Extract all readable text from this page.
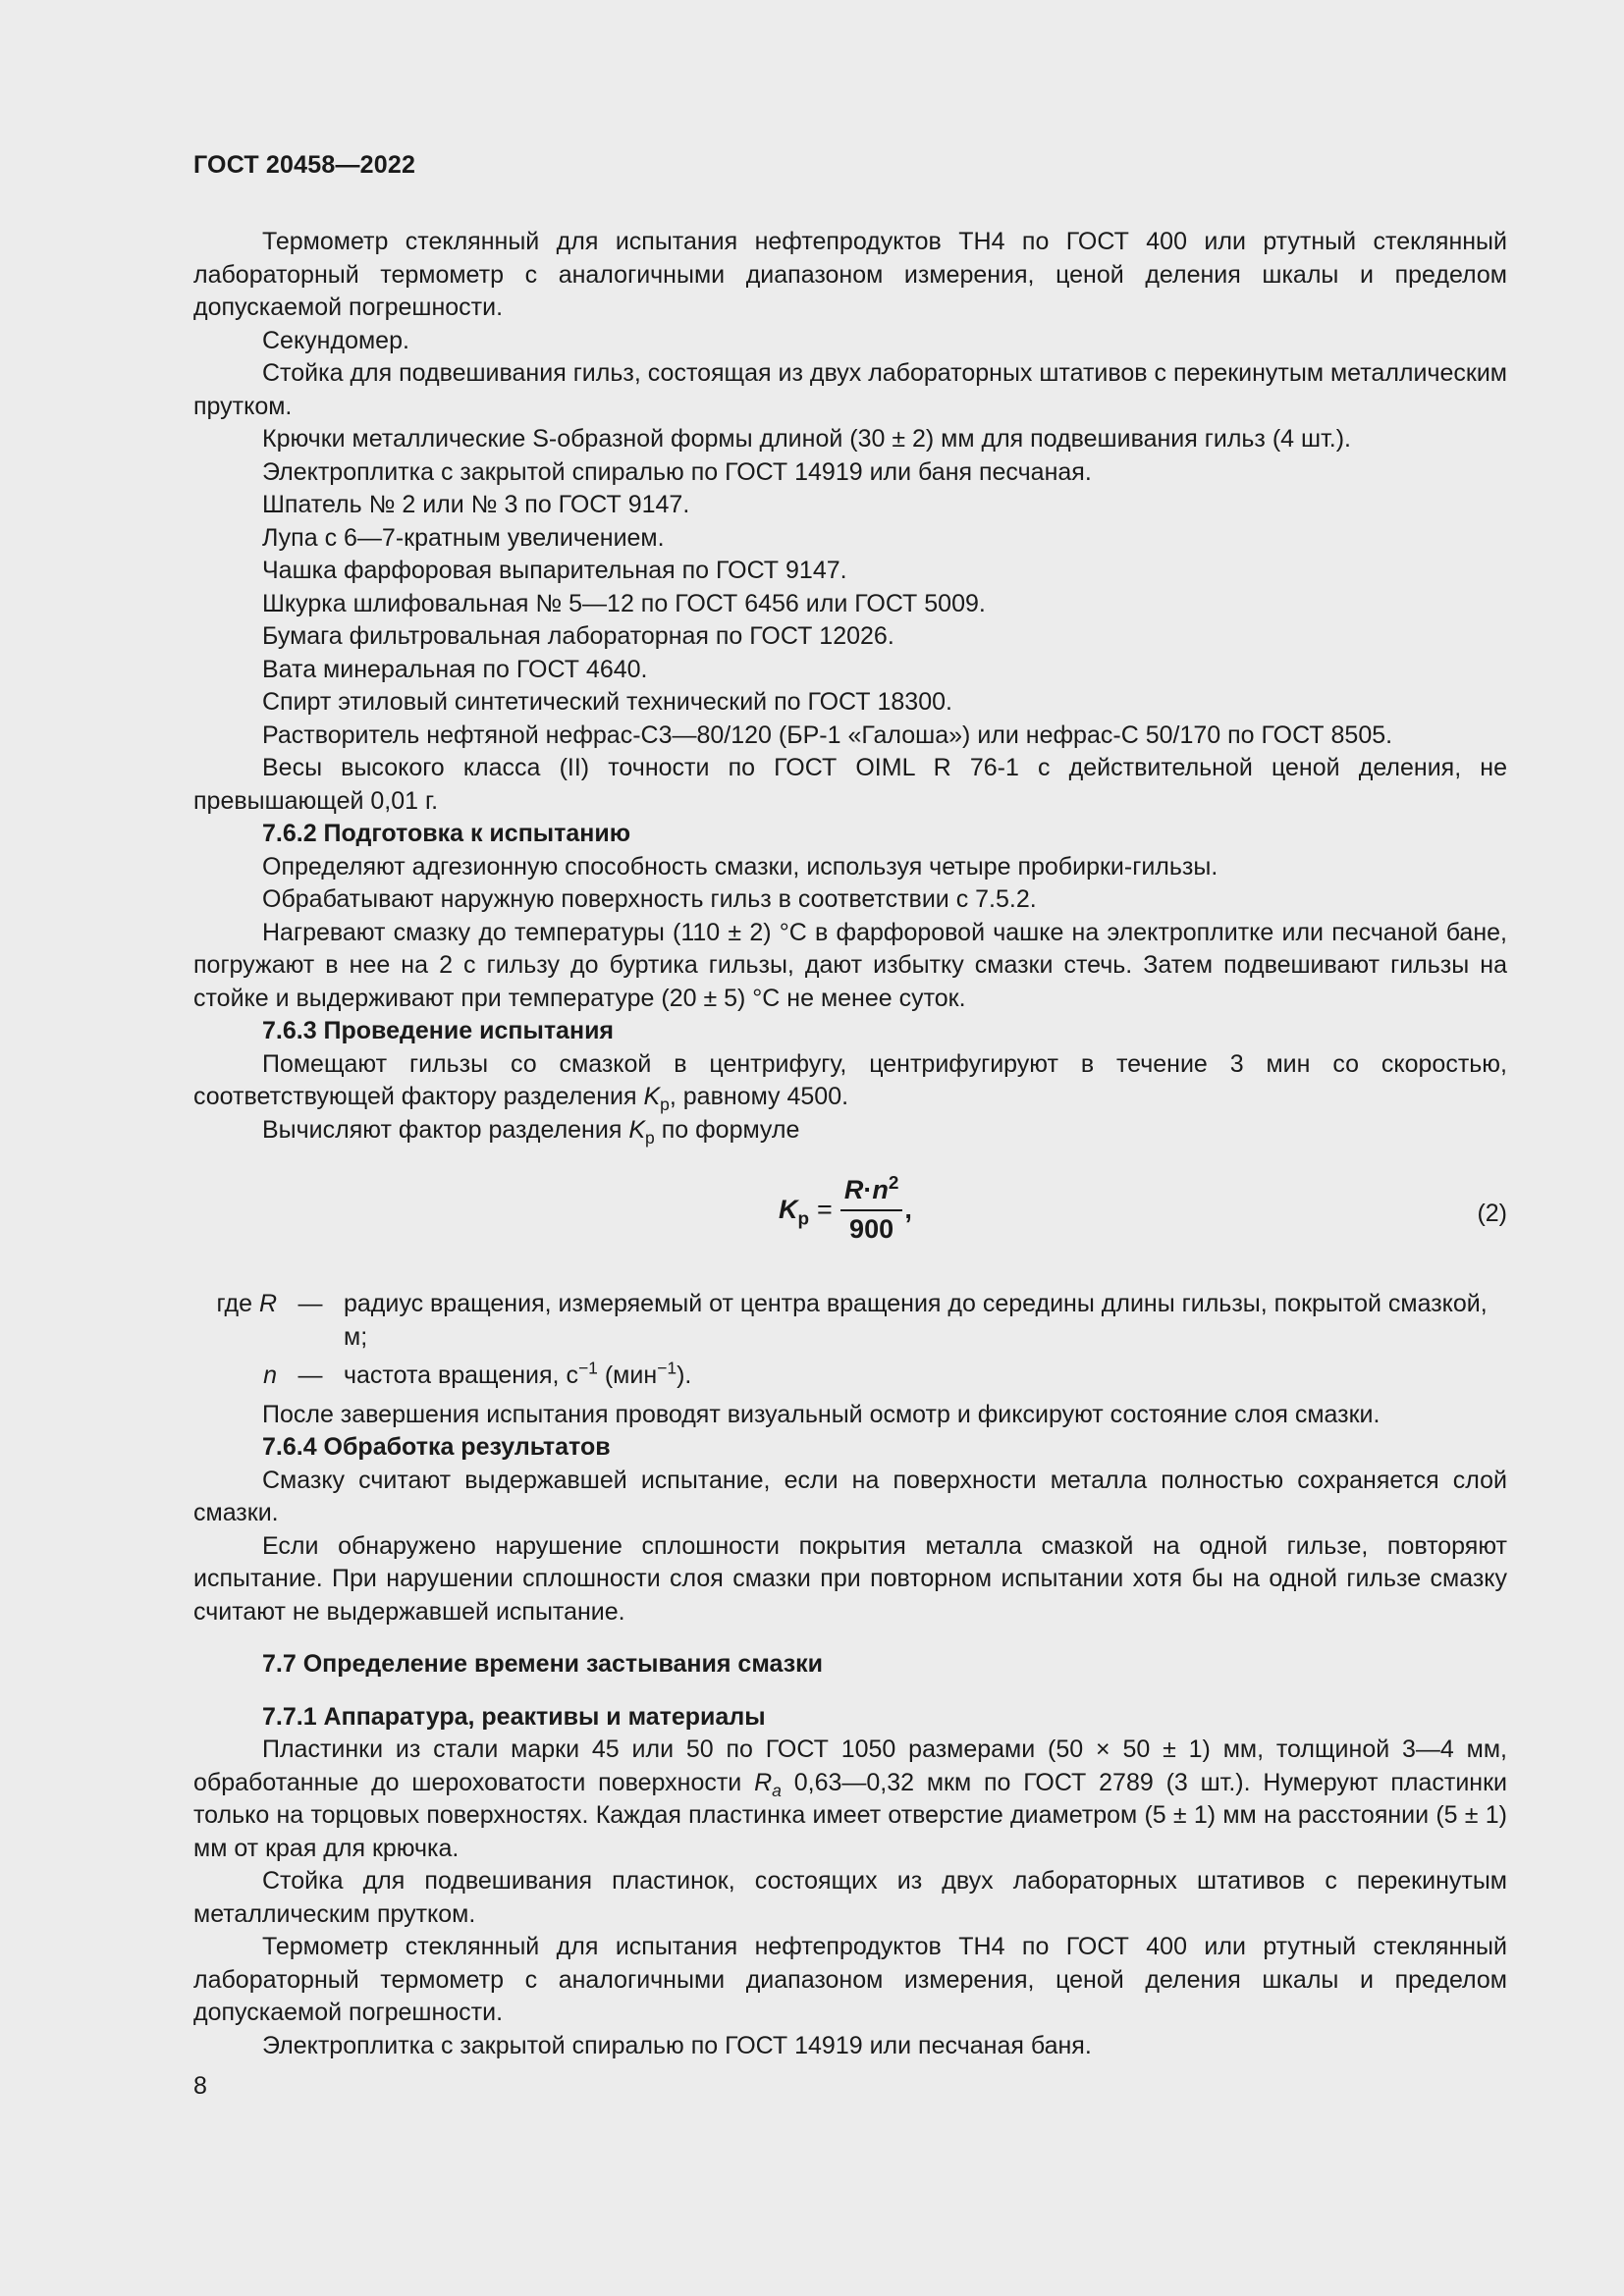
ГОСТ 20458—2022

Термометр стеклянный для испытания нефтепродуктов ТН4 по ГОСТ 400 или ртутный стеклянный лабораторный термометр с аналогичными диапазоном измерения, ценой деления шкалы и пределом допускаемой погрешности.

Секундомер.

Стойка для подвешивания гильз, состоящая из двух лабораторных штативов с перекинутым металлическим прутком.

Крючки металлические S-образной формы длиной (30 ± 2) мм для подвешивания гильз (4 шт.).

Электроплитка с закрытой спиралью по ГОСТ 14919 или баня песчаная.

Шпатель № 2 или № 3 по ГОСТ 9147.

Лупа с 6—7-кратным увеличением.

Чашка фарфоровая выпарительная по ГОСТ 9147.

Шкурка шлифовальная № 5—12 по ГОСТ 6456 или ГОСТ 5009.

Бумага фильтровальная лабораторная по ГОСТ 12026.

Вата минеральная по ГОСТ 4640.

Спирт этиловый синтетический технический по ГОСТ 18300.

Растворитель нефтяной нефрас-С3—80/120 (БР-1 «Галоша») или нефрас-С 50/170 по ГОСТ 8505.

Весы высокого класса (II) точности по ГОСТ OIML R 76-1 с действительной ценой деления, не превышающей 0,01 г.

7.6.2 Подготовка к испытанию

Определяют адгезионную способность смазки, используя четыре пробирки-гильзы.

Обрабатывают наружную поверхность гильз в соответствии с 7.5.2.

Нагревают смазку до температуры (110 ± 2) °С в фарфоровой чашке на электроплитке или песчаной бане, погружают в нее на 2 с гильзу до буртика гильзы, дают избытку смазки стечь. Затем подвешивают гильзы на стойке и выдерживают при температуре (20 ± 5) °С не менее суток.

7.6.3 Проведение испытания

Помещают гильзы со смазкой в центрифугу, центрифугируют в течение 3 мин со скоростью, соответствующей фактору разделения $K_р$, равному 4500.

Вычисляют фактор разделения $K_р$ по формуле

$K_р = \frac{R\cdot n^2}{900}$ ,	(2)
где R — радиус вращения, измеряемый от центра вращения до середины длины гильзы, покрытой смазкой, м;
n — частота вращения, $с^{-1}$ (мин$^{-1}$).

После завершения испытания проводят визуальный осмотр и фиксируют состояние слоя смазки.

7.6.4 Обработка результатов

Смазку считают выдержавшей испытание, если на поверхности металла полностью сохраняется слой смазки.

Если обнаружено нарушение сплошности покрытия металла смазкой на одной гильзе, повторяют испытание. При нарушении сплошности слоя смазки при повторном испытании хотя бы на одной гильзе смазку считают не выдержавшей испытание.

7.7 Определение времени застывания смазки

7.7.1 Аппаратура, реактивы и материалы

Пластинки из стали марки 45 или 50 по ГОСТ 1050 размерами (50 × 50 ± 1) мм, толщиной 3—4 мм, обработанные до шероховатости поверхности $R_a$ 0,63—0,32 мкм по ГОСТ 2789 (3 шт.). Нумеруют пластинки только на торцовых поверхностях. Каждая пластинка имеет отверстие диаметром (5 ± 1) мм на расстоянии (5 ± 1) мм от края для крючка.

Стойка для подвешивания пластинок, состоящих из двух лабораторных штативов с перекинутым металлическим прутком.

Термометр стеклянный для испытания нефтепродуктов ТН4 по ГОСТ 400 или ртутный стеклянный лабораторный термометр с аналогичными диапазоном измерения, ценой деления шкалы и пределом допускаемой погрешности.

Электроплитка с закрытой спиралью по ГОСТ 14919 или песчаная баня.

8
